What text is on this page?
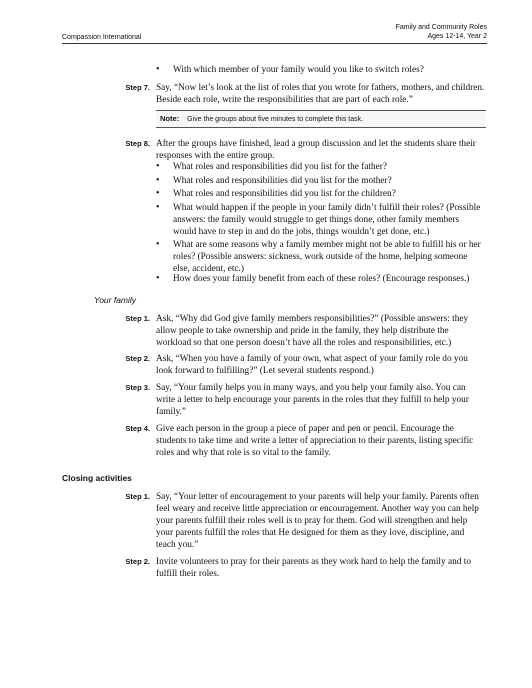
Compassion International
Family and Community Roles
Ages 12-14, Year 2
• With which member of your family would you like to switch roles?
Step 7. Say, “Now let’s look at the list of roles that you wrote for fathers, mothers, and children. Beside each role, write the responsibilities that are part of each role.”
Note: Give the groups about five minutes to complete this task.
Step 8. After the groups have finished, lead a group discussion and let the students share their responses with the entire group.
• What roles and responsibilities did you list for the father?
• What roles and responsibilities did you list for the mother?
• What roles and responsibilities did you list for the children?
• What would happen if the people in your family didn’t fulfill their roles? (Possible answers: the family would struggle to get things done, other family members would have to step in and do the jobs, things wouldn’t get done, etc.)
• What are some reasons why a family member might not be able to fulfill his or her roles? (Possible answers: sickness, work outside of the home, helping someone else, accident, etc.)
• How does your family benefit from each of these roles? (Encourage responses.)
Your family
Step 1. Ask, “Why did God give family members responsibilities?” (Possible answers: they allow people to take ownership and pride in the family, they help distribute the workload so that one person doesn’t have all the roles and responsibilities, etc.)
Step 2. Ask, “When you have a family of your own, what aspect of your family role do you look forward to fulfilling?” (Let several students respond.)
Step 3. Say, “Your family helps you in many ways, and you help your family also. You can write a letter to help encourage your parents in the roles that they fulfill to help your family.”
Step 4. Give each person in the group a piece of paper and pen or pencil. Encourage the students to take time and write a letter of appreciation to their parents, listing specific roles and why that role is so vital to the family.
Closing activities
Step 1. Say, “Your letter of encouragement to your parents will help your family. Parents often feel weary and receive little appreciation or encouragement. Another way you can help your parents fulfill their roles well is to pray for them. God will strengthen and help your parents fulfill the roles that He designed for them as they love, discipline, and teach you.”
Step 2. Invite volunteers to pray for their parents as they work hard to help the family and to fulfill their roles.
